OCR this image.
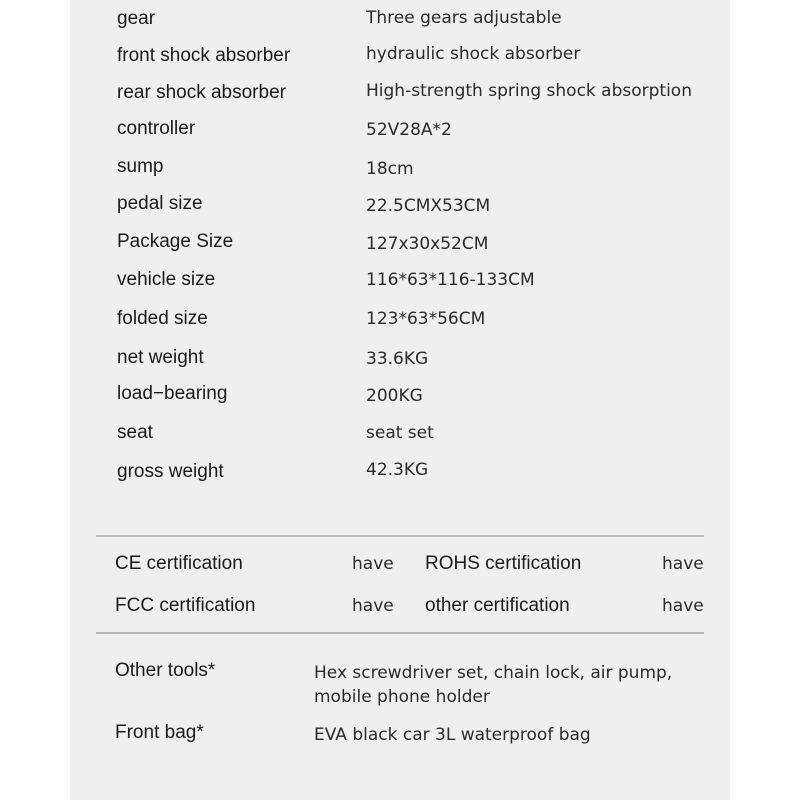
gear	Three gears adjustable
front shock absorber	hydraulic shock absorber
rear shock absorber	High-strength spring shock absorption
controller	52V28A*2
sump	18cm
pedal size	22.5CMX53CM
Package Size	127x30x52CM
vehicle size	116*63*116-133CM
folded size	123*63*56CM
net weight	33.6KG
load−bearing	200KG
seat	seat set
gross weight	42.3KG
CE certification	have ROHS certification	have
FCC certification	have other certification	have
Other tools*	Hex screwdriver set, chain lock, air pump, mobile phone holder
Front bag*	EVA black car 3L waterproof bag
